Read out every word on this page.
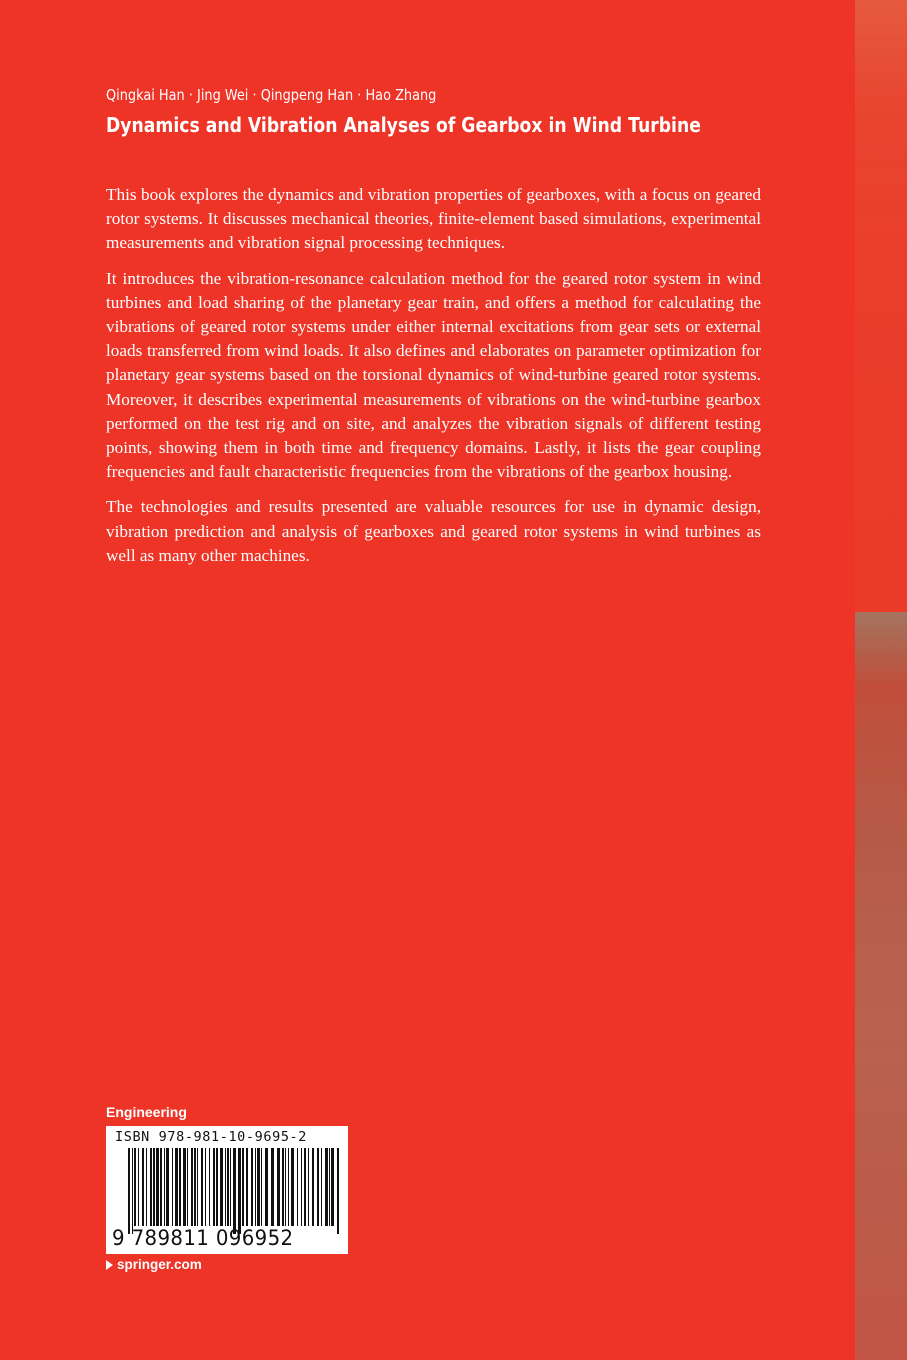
Qingkai Han · Jing Wei · Qingpeng Han · Hao Zhang
Dynamics and Vibration Analyses of Gearbox in Wind Turbine

This book explores the dynamics and vibration properties of gearboxes, with a focus on geared rotor systems. It discusses mechanical theories, finite-element based simulations, experimental measurements and vibration signal processing techniques.

It introduces the vibration-resonance calculation method for the geared rotor system in wind turbines and load sharing of the planetary gear train, and offers a method for calculating the vibrations of geared rotor systems under either internal excitations from gear sets or external loads transferred from wind loads. It also defines and elaborates on parameter optimization for planetary gear systems based on the torsional dynamics of wind-turbine geared rotor systems. Moreover, it describes experimental measurements of vibrations on the wind-turbine gearbox performed on the test rig and on site, and analyzes the vibration signals of different testing points, showing them in both time and frequency domains. Lastly, it lists the gear coupling frequencies and fault characteristic frequencies from the vibrations of the gearbox housing.

The technologies and results presented are valuable resources for use in dynamic design, vibration prediction and analysis of gearboxes and geared rotor systems in wind turbines as well as many other machines.

Engineering
ISBN 978-981-10-9695-2
9 789811 096952
springer.com
